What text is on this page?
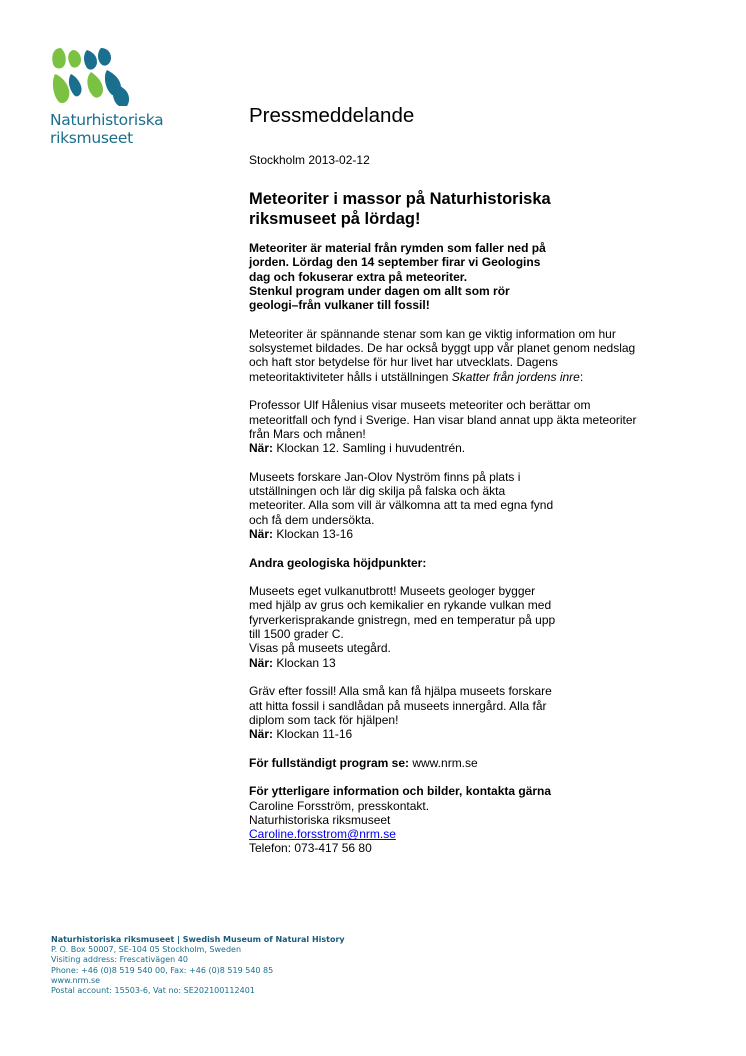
Naturhistoriska
riksmuseet
Pressmeddelande
Stockholm 2013-02-12

Meteoriter i massor på Naturhistoriska
riksmuseet på lördag!

Meteoriter är material från rymden som faller ned på
jorden. Lördag den 14 september firar vi Geologins
dag och fokuserar extra på meteoriter.
Stenkul program under dagen om allt som rör
geologi–från vulkaner till fossil!

Meteoriter är spännande stenar som kan ge viktig information om hur
solsystemet bildades. De har också byggt upp vår planet genom nedslag
och haft stor betydelse för hur livet har utvecklats. Dagens
meteoritaktiviteter hålls i utställningen Skatter från jordens inre:

Professor Ulf Hålenius visar museets meteoriter och berättar om
meteoritfall och fynd i Sverige. Han visar bland annat upp äkta meteoriter
från Mars och månen!
När: Klockan 12. Samling i huvudentrén.

Museets forskare Jan-Olov Nyström finns på plats i
utställningen och lär dig skilja på falska och äkta
meteoriter. Alla som vill är välkomna att ta med egna fynd
och få dem undersökta.
När: Klockan 13-16

Andra geologiska höjdpunkter:

Museets eget vulkanutbrott! Museets geologer bygger
med hjälp av grus och kemikalier en rykande vulkan med
fyrverkerisprakande gnistregn, med en temperatur på upp
till 1500 grader C.
Visas på museets utegård.
När: Klockan 13

Gräv efter fossil! Alla små kan få hjälpa museets forskare
att hitta fossil i sandlådan på museets innergård. Alla får
diplom som tack för hjälpen!
När: Klockan 11-16

För fullständigt program se: www.nrm.se

För ytterligare information och bilder, kontakta gärna
Caroline Forsström, presskontakt.
Naturhistoriska riksmuseet
Caroline.forsstrom@nrm.se
Telefon: 073-417 56 80

Naturhistoriska riksmuseet | Swedish Museum of Natural History
P. O. Box 50007, SE-104 05 Stockholm, Sweden
Visiting address: Frescativägen 40
Phone: +46 (0)8 519 540 00, Fax: +46 (0)8 519 540 85
www.nrm.se
Postal account: 15503-6, Vat no: SE202100112401
